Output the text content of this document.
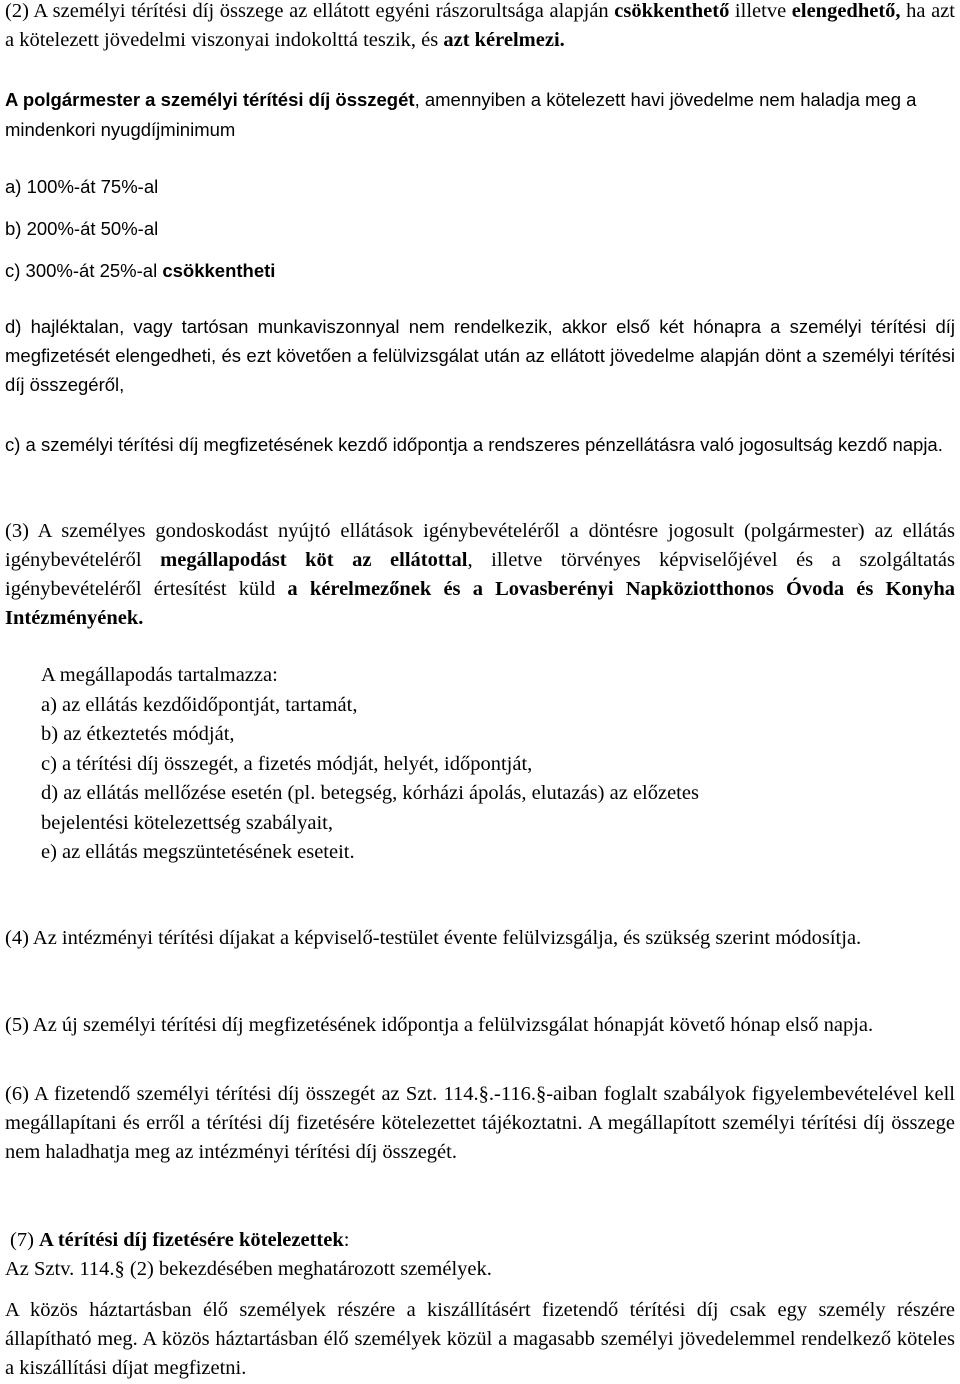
(2) A személyi térítési díj összege az ellátott egyéni rászorultsága alapján csökkenthető illetve elengedhető, ha azt a kötelezett jövedelmi viszonyai indokolttá teszik, és azt kérelmezi.

A polgármester a személyi térítési díj összegét, amennyiben a kötelezett havi jövedelme nem haladja meg a mindenkori nyugdíjminimum

a) 100%-át 75%-al

b) 200%-át 50%-al

c) 300%-át 25%-al csökkentheti

d) hajléktalan, vagy tartósan munkaviszonnyal nem rendelkezik, akkor első két hónapra a személyi térítési díj megfizetését elengedheti, és ezt követően a felülvizsgálat után az ellátott jövedelme alapján dönt a személyi térítési díj összegéről,

c) a személyi térítési díj megfizetésének kezdő időpontja a rendszeres pénzellátásra való jogosultság kezdő napja.

(3) A személyes gondoskodást nyújtó ellátások igénybevételéről a döntésre jogosult (polgármester) az ellátás igénybevételéről megállapodást köt az ellátottal, illetve törvényes képviselőjével és a szolgáltatás igénybevételéről értesítést küld a kérelmezőnek és a Lovasberényi Napköziotthonos Óvoda és Konyha Intézményének.

A megállapodás tartalmazza:
a) az ellátás kezdőidőpontját, tartamát,
b) az étkeztetés módját,
c) a térítési díj összegét, a fizetés módját, helyét, időpontját,
d) az ellátás mellőzése esetén (pl. betegség, kórházi ápolás, elutazás) az előzetes
bejelentési kötelezettség szabályait,
e) az ellátás megszüntetésének eseteit.

(4) Az intézményi térítési díjakat a képviselő-testület évente felülvizsgálja, és szükség szerint módosítja.

(5) Az új személyi térítési díj megfizetésének időpontja a felülvizsgálat hónapját követő hónap első napja.

(6) A fizetendő személyi térítési díj összegét az Szt. 114.§.-116.§-aiban foglalt szabályok figyelembevételével kell megállapítani és erről a térítési díj fizetésére kötelezettet tájékoztatni. A megállapított személyi térítési díj összege nem haladhatja meg az intézményi térítési díj összegét.

(7) A térítési díj fizetésére kötelezettek:

Az Sztv. 114.§ (2) bekezdésében meghatározott személyek.

A közös háztartásban élő személyek részére a kiszállításért fizetendő térítési díj csak egy személy részére állapítható meg. A közös háztartásban élő személyek közül a magasabb személyi jövedelemmel rendelkező köteles a kiszállítási díjat megfizetni.
